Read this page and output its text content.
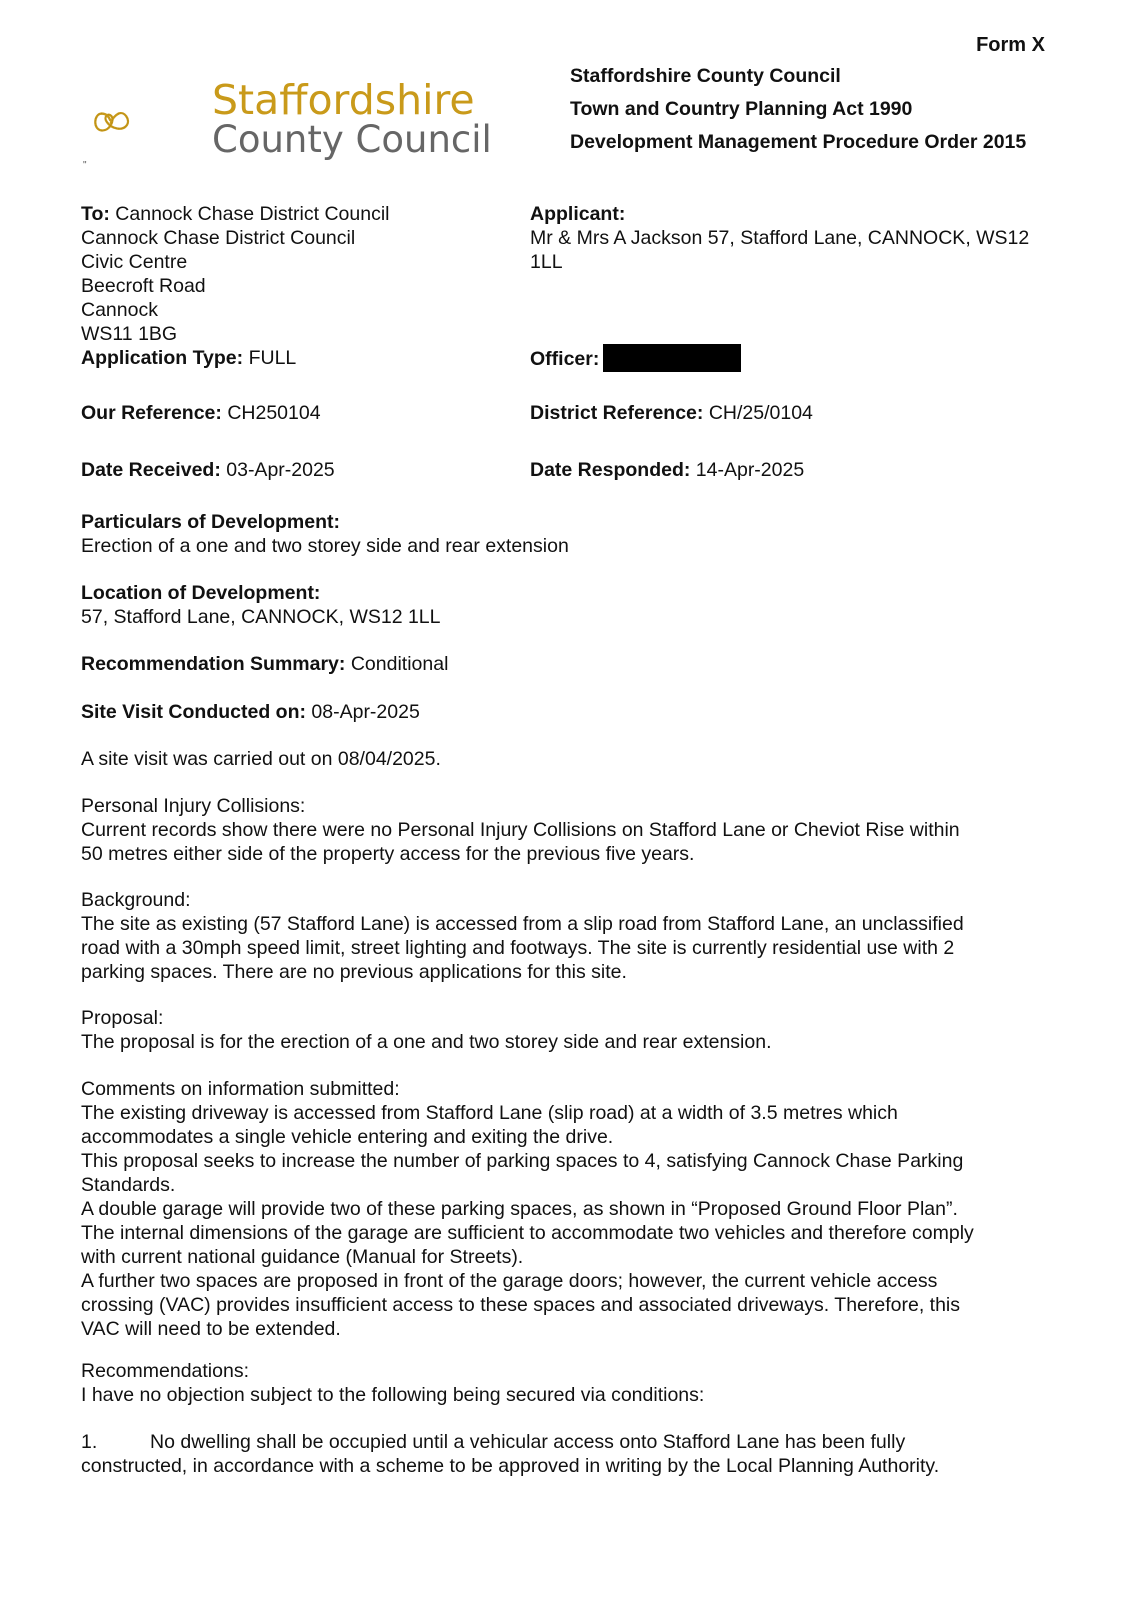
Form X
Staffordshire County Council
Town and Country Planning Act 1990
Development Management Procedure Order 2015
Staffordshire
County Council
"
To: Cannock Chase District Council
Cannock Chase District Council
Civic Centre
Beecroft Road
Cannock
WS11 1BG
Application Type: FULL
Applicant:
Mr & Mrs A Jackson 57, Stafford Lane, CANNOCK, WS12
1LL
Officer:
Our Reference: CH250104	District Reference: CH/25/0104
Date Received: 03-Apr-2025	Date Responded: 14-Apr-2025
Particulars of Development:
Erection of a one and two storey side and rear extension
Location of Development:
57, Stafford Lane, CANNOCK, WS12 1LL
Recommendation Summary: Conditional
Site Visit Conducted on: 08-Apr-2025
A site visit was carried out on 08/04/2025.
Personal Injury Collisions:
Current records show there were no Personal Injury Collisions on Stafford Lane or Cheviot Rise within
50 metres either side of the property access for the previous five years.
Background:
The site as existing (57 Stafford Lane) is accessed from a slip road from Stafford Lane, an unclassified
road with a 30mph speed limit, street lighting and footways. The site is currently residential use with 2
parking spaces. There are no previous applications for this site.
Proposal:
The proposal is for the erection of a one and two storey side and rear extension.
Comments on information submitted:
The existing driveway is accessed from Stafford Lane (slip road) at a width of 3.5 metres which
accommodates a single vehicle entering and exiting the drive.
This proposal seeks to increase the number of parking spaces to 4, satisfying Cannock Chase Parking
Standards.
A double garage will provide two of these parking spaces, as shown in “Proposed Ground Floor Plan”.
The internal dimensions of the garage are sufficient to accommodate two vehicles and therefore comply
with current national guidance (Manual for Streets).
A further two spaces are proposed in front of the garage doors; however, the current vehicle access
crossing (VAC) provides insufficient access to these spaces and associated driveways. Therefore, this
VAC will need to be extended.
Recommendations:
I have no objection subject to the following being secured via conditions:
1.	No dwelling shall be occupied until a vehicular access onto Stafford Lane has been fully
constructed, in accordance with a scheme to be approved in writing by the Local Planning Authority.
